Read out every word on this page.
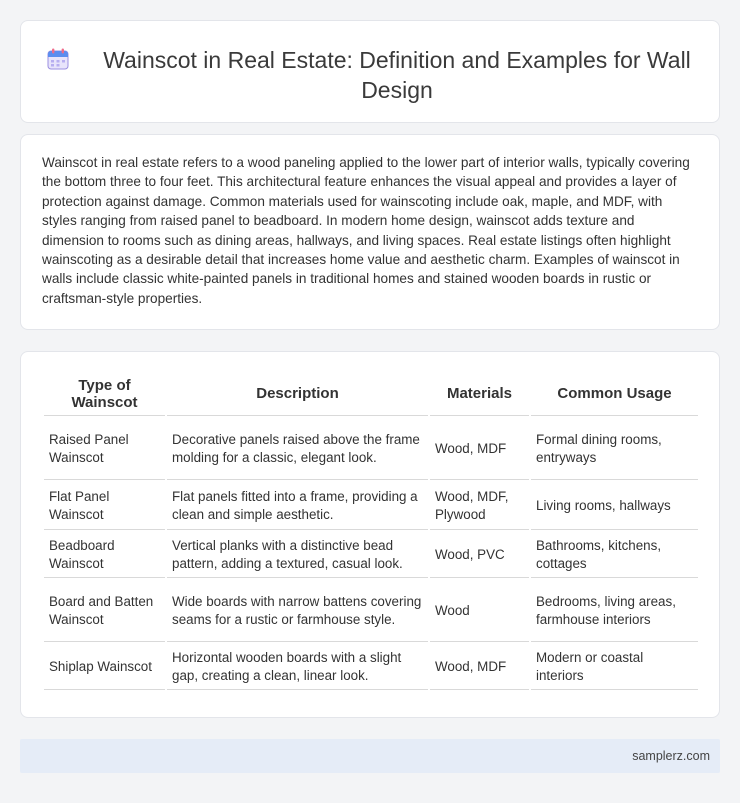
Wainscot in Real Estate: Definition and Examples for Wall Design

Wainscot in real estate refers to a wood paneling applied to the lower part of interior walls, typically covering the bottom three to four feet. This architectural feature enhances the visual appeal and provides a layer of protection against damage. Common materials used for wainscoting include oak, maple, and MDF, with styles ranging from raised panel to beadboard. In modern home design, wainscot adds texture and dimension to rooms such as dining areas, hallways, and living spaces. Real estate listings often highlight wainscoting as a desirable detail that increases home value and aesthetic charm. Examples of wainscot in walls include classic white-painted panels in traditional homes and stained wooden boards in rustic or craftsman-style properties.

Type of Wainscot	Description	Materials	Common Usage
Raised Panel Wainscot	Decorative panels raised above the frame molding for a classic, elegant look.	Wood, MDF	Formal dining rooms, entryways
Flat Panel Wainscot	Flat panels fitted into a frame, providing a clean and simple aesthetic.	Wood, MDF, Plywood	Living rooms, hallways
Beadboard Wainscot	Vertical planks with a distinctive bead pattern, adding a textured, casual look.	Wood, PVC	Bathrooms, kitchens, cottages
Board and Batten Wainscot	Wide boards with narrow battens covering seams for a rustic or farmhouse style.	Wood	Bedrooms, living areas, farmhouse interiors
Shiplap Wainscot	Horizontal wooden boards with a slight gap, creating a clean, linear look.	Wood, MDF	Modern or coastal interiors
samplerz.com
